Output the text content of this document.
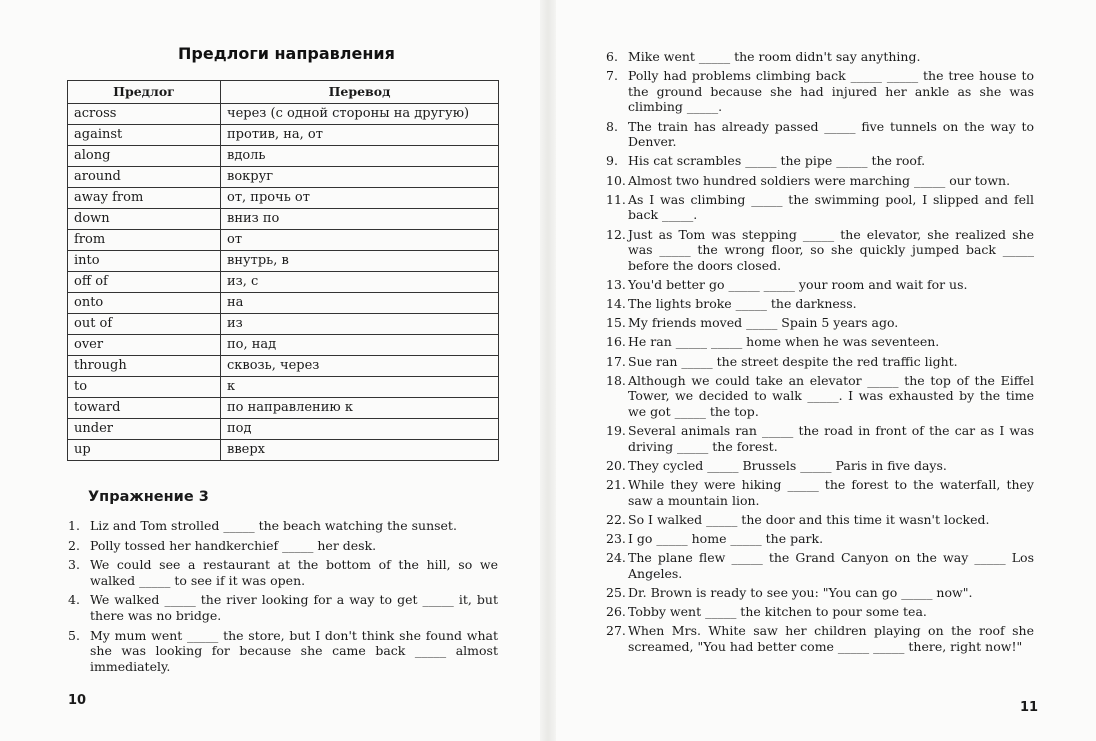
Предлоги направления
Предлог	Перевод
across	через (с одной стороны на другую)
against	против, на, от
along	вдоль
around	вокруг
away from	от, прочь от
down	вниз по
from	от
into	внутрь, в
off of	из, с
onto	на
out of	из
over	по, над
through	сквозь, через
to	к
toward	по направлению к
under	под
up	вверх
Упражнение 3
1. Liz and Tom strolled _____ the beach watching the sunset.
2. Polly tossed her handkerchief _____ her desk.
3. We could see a restaurant at the bottom of the hill, so we walked _____ to see if it was open.
4. We walked _____ the river looking for a way to get _____ it, but there was no bridge.
5. My mum went _____ the store, but I don't think she found what she was looking for because she came back _____ almost immediately.
10
6. Mike went _____ the room didn't say anything.
7. Polly had problems climbing back _____ _____ the tree house to the ground because she had injured her ankle as she was climbing _____.
8. The train has already passed _____ five tunnels on the way to Denver.
9. His cat scrambles _____ the pipe _____ the roof.
10. Almost two hundred soldiers were marching _____ our town.
11. As I was climbing _____ the swimming pool, I slipped and fell back _____.
12. Just as Tom was stepping _____ the elevator, she realized she was _____ the wrong floor, so she quickly jumped back _____ before the doors closed.
13. You'd better go _____ _____ your room and wait for us.
14. The lights broke _____ the darkness.
15. My friends moved _____ Spain 5 years ago.
16. He ran _____ _____ home when he was seventeen.
17. Sue ran _____ the street despite the red traffic light.
18. Although we could take an elevator _____ the top of the Eiffel Tower, we decided to walk _____. I was exhausted by the time we got _____ the top.
19. Several animals ran _____ the road in front of the car as I was driving _____ the forest.
20. They cycled _____ Brussels _____ Paris in five days.
21. While they were hiking _____ the forest to the waterfall, they saw a mountain lion.
22. So I walked _____ the door and this time it wasn't locked.
23. I go _____ home _____ the park.
24. The plane flew _____ the Grand Canyon on the way _____ Los Angeles.
25. Dr. Brown is ready to see you: "You can go _____ now".
26. Tobby went _____ the kitchen to pour some tea.
27. When Mrs. White saw her children playing on the roof she screamed, "You had better come _____ _____ there, right now!"
11
